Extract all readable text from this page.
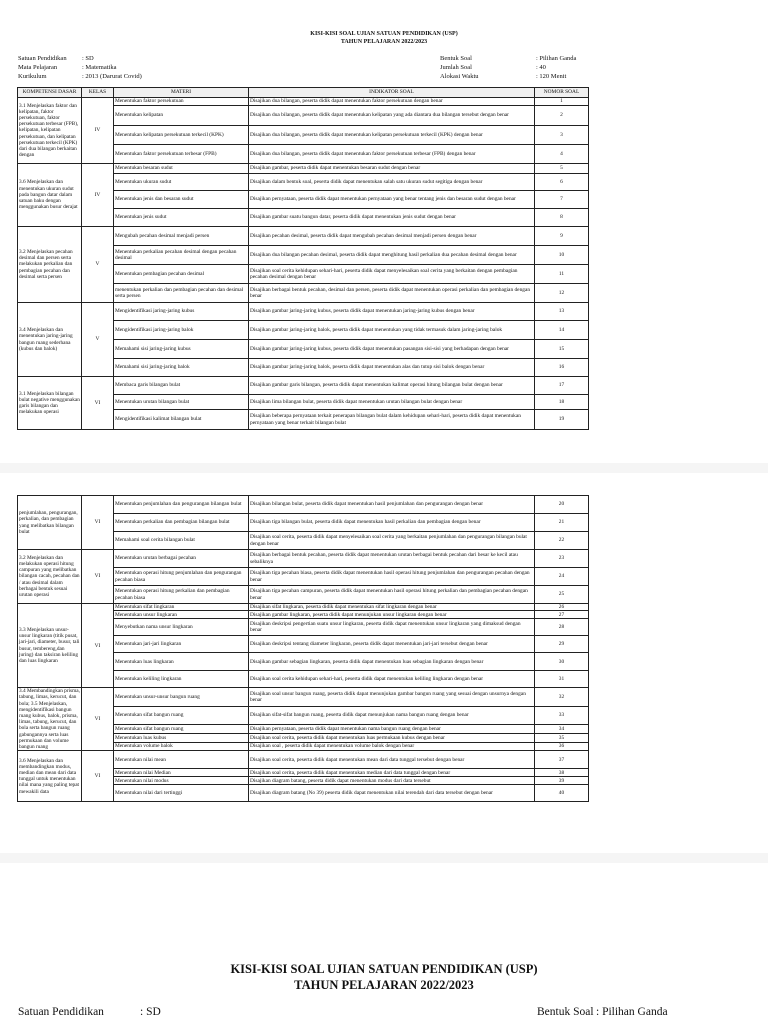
KISI-KISI SOAL UJIAN SATUAN PENDIDIKAN (USP)
TAHUN PELAJARAN 2022/2023
Satuan Pendidikan : SD
Mata Pelajaran	: Matematika
Kurikulum	: 2013 (Darurat Covid)
Bentuk Soal	: Pilihan Ganda
Jumlah Soal	: 40
Alokasi Waktu	: 120 Menit
KOMPETENSI DASAR	KELAS	MATERI	INDIKATOR SOAL	NOMOR SOAL
3.1 Menjelaskan faktor dan kelipatan, faktor persekutuan, faktor persekutuan terbesar (FPB), kelipatan, kelipatan persekutuan, dan kelipatan persekutuan terkecil (KPK) dari dua bilangan berkaitan dengan	IV	Menentukan faktor persekutuan	Disajikan dua bilangan, peserta didik dapat menentukan faktor persekutuan dengan benar	1
		Menentukan kelipatan	Disajikan dua bilangan, peserta didik dapat menentukan kelipatan yang ada diantara dua bilangan tersebut dengan benar	2
		Menentukan kelipatan persekutuan terkecil (KPK)	Disajikan dua bilangan, peserta didik dapat menentukan kelipatan persekutuan terkecil (KPK) dengan benar	3
		Menentukan faktor persekutuan terbesar (FPB)	Disajikan dua bilangan, peserta didik dapat menentukan faktor persekutuan terbesar (FPB) dengan benar	4
3.6 Menjelaskan dan menentukan ukuran sudut pada bangun datar dalam satuan baku dengan menggunakan busur derajat	IV	Menentukan besaran sudut	Disajikan gambar, peserta didik dapat menentukan besaran sudut dengan benar	5
		Menentukan ukuran sudut	Disajikan dalam bentuk soal, peserta didik dapat menentukan salah satu ukuran sudut segitiga dengan benar	6
		Menentukan jenis dan besaran sudut	Disajikan pernyataan, peserta didik dapat menentukan pernyataan yang benar tentang jenis dan besaran sudut dengan benar	7
		Menentukan jenis sudut	Disajikan gambar suatu bangun datar, peserta didik dapat menentukan jenis sudut dengan benar	8
3.2 Menjelaskan pecahan desimal dan persen serta melakukan perkalian dan pembagian pecahan dan desimal serta persen	V	Mengubah pecahan desimal menjadi persen	Disajikan pecahan desimal, peserta didik dapat mengubah pecahan desimal menjadi persen dengan benar	9
		Menentukan perkalian pecahan desimal dengan pecahan desimal	Disajikan dua bilangan pecahan desimal, peserta didik dapat menghitung hasil perkalian dua pecahan desimal dengan benar	10
		Menentukan pembagian pecahan desimal	Disajikan soal cerita kehidupan sehari-hari, peserta didik dapat menyelesaikan soal cerita yang berkaitan dengan pembagian pecahan desimal dengan benar	11
		menentukan perkalian dan pembagian pecahan dan desimal serta persen	Disajikan berbagai bentuk pecahan, desimal dan persen, peserta didik dapat menentukan operasi perkalian dan pembagian dengan benar	12
3.4 Menjelaskan dan menentukan jaring-jaring bangun ruang sederhana (kubus dan balok)	V	Mengidentifikasi jaring-jaring kubus	Disajikan gambar jaring-jaring kubus, peserta didik dapat menentukan jaring-jaring kubus dengan benar	13
		Mengidentifikasi jaring-jaring balok	Disajikan gambar jaring-jaring balok, peserta didik dapat menentukan yang tidak termasuk dalam jaring-jaring balok	14
		Memahami sisi jaring-jaring kubus	Disajikan gambar jaring-jaring kubus, peserta didik dapat menentukan pasangan sisi-sisi yang berhadapan dengan benar	15
		Memahami sisi jaring-jaring balok	Disajikan gambar jaring-jaring balok, peserta didik dapat menentukan alas dan tutup sisi balok dengan benar	16
3.1 Menjelaskan bilangan bulat negative menggunakan garis bilangan dan melakukan operasi	VI	Membaca garis bilangan bulat	Disajikan gambar garis bilangan, peserta didik dapat menentukan kalimat operasi hitung bilangan bulat dengan benar	17
		Menentukan urutan bilangan bulat	Disajikan lima bilangan bulat, peserta didik dapat menentukan urutan bilangan bulat dengan benar	18
		Mengidentifikasi kalimat bilangan bulat	Disajikan beberapa pernyataan terkait penerapan bilangan bulat dalam kehidupan sehari-hari, peserta didik dapat menentukan pernyataan yang benar terkait bilangan bulat	19
penjumlahan, pengurangan, perkalian, dan pembagian yang melibatkan bilangan bulat	VI	Menentukan penjumlahan dan pengurangan bilangan bulat	Disajikan bilangan bulat, peserta didik dapat menentukan hasil penjumlahan dan pengurangan dengan benar	20
		Menentukan perkalian dan pembagian bilangan bulat	Disajikan tiga bilangan bulat, peserta didik dapat menentukan hasil perkalian dan pembagian dengan benar	21
		Memahami soal cerita bilangan bulat	Disajikan soal cerita, peserta didik dapat menyelesaikan soal cerita yang berkaitan penjumlahan dan pengurangan bilangan bulat dengan benar	22
3.2 Menjelaskan dan melakukan operasi hitung campuran yang melibatkan bilangan cacah, pecahan dan / atau desimal dalam berbagai bentuk sesuai urutan operasi	VI	Menentukan urutan berbagai pecahan	Disajikan berbagai bentuk pecahan, peserta didik dapat menentukan urutan berbagai bentuk pecahan dari besar ke kecil atau sebaliknya	23
		Menentukan operasi hitung penjumlahan dan pengurangan pecahan biasa	Disajikan tiga pecahan biasa, peserta didik dapat menentukan hasil operasi hitung penjumlahan dan pengurangan pecahan dengan benar	24
		Menentukan operasi hitung perkalian dan pembagian pecahan biasa	Disajikan tiga pecahan campuran, peserta didik dapat menentukan hasil operasi hitung perkalian dan pembagian pecahan dengan benar	25
3.3 Menjelaskan unsur-unsur lingkaran (titik pusat, jari-jari, diameter, busur, tali busur, tembereng,dan juring) dan taksiran keliling dan luas lingkaran	VI	Menentukan sifat lingkaran	Disajikan sifat lingkaran, peserta didik dapat menentukan sifat lingkaran dengan benar	26
		Menentukan unsur lingkaran	Disajikan gambar lingkaran, peserta didik dapat menunjukan unsur lingkaran dengan benar	27
		Menyebutkan nama unsur lingkaran	Disajikan deskripsi pengertian suatu unsur lingkaran, peserta didik dapat menentukan unsur lingkaran yang dimaksud dengan benar	28
		Menentukan jari-jari lingkaran	Disajikan deskripsi tentang diameter lingkaran, peserta didik dapat menentukan jari-jari tersebut dengan benar	29
		Menentukan luas lingkaran	Disajikan gambar sebagian lingkaran, peserta didik dapat menentukan luas sebagian lingkaran dengan benar	30
		Menentukan keliling lingkaran	Disajikan soal cerita kehidupan sehari-hari, peserta didik dapat menentukan keliling lingkaran dengan benar	31
3.4 Membandingkan prisma, tabung, limas, kerucut, dan bola; 3.5 Menjelaskan, mengidentifikasi bangun ruang kubus, balok, prisma, limas, tabung, kerucut, dan bola serta bangun ruang gabungannya serta luas permukaan dan volume bangun ruang	VI	Menentukan unsur-unsur bangun ruang	Disajikan soal unsur bangun ruang, peserta didik dapat menunjukan gambar bangun ruang yang sesuai dengan unsurnya dengan benar	32
		Menentukan sifat bangun ruang	Disajikan sifat-sifat bangun ruang, peserta didik dapat menunjukan nama bangun ruang dengan benar	33
		Menentukan sifat bangun ruang	Disajikan pernyataan, peserta didik dapat menentukan nama bangun ruang dengan benar	34
		Menentukan luas kubus	Disajikan soal cerita, peserta didik dapat menentukan luas permukaan kubus dengan benar	35
		Menentukan volume balok	Disajikan soal , peserta didik dapat menentukan volume balok dengan benar	36
3.6 Menjelaskan dan membandingkan modus, median dan mean dari data tunggal untuk menentukan nilai mana yang paling tepat mewakili data	VI	Menentukan nilai mean	Disajikan soal cerita, peserta didik dapat menentukan mean dari data tunggal tersebut dengan benar	37
		Menentukan nilai Median	Disajikan soal cerita, peserta didik dapat menentukan median dari data tunggal dengan benar	38
		Menentukan nilai modus	Disajikan diagram batang, peserta didik dapat menentukan modus dari data tersebut	39
		Menentukan nilai dari tertinggi	Disajikan diagram batang (No 39) peserta didik dapat menentukan nilai terendah dari data tersebut dengan benar	40
KISI-KISI SOAL UJIAN SATUAN PENDIDIKAN (USP)
TAHUN PELAJARAN 2022/2023
Satuan Pendidikan	: SD	Bentuk Soal : Pilihan Ganda
